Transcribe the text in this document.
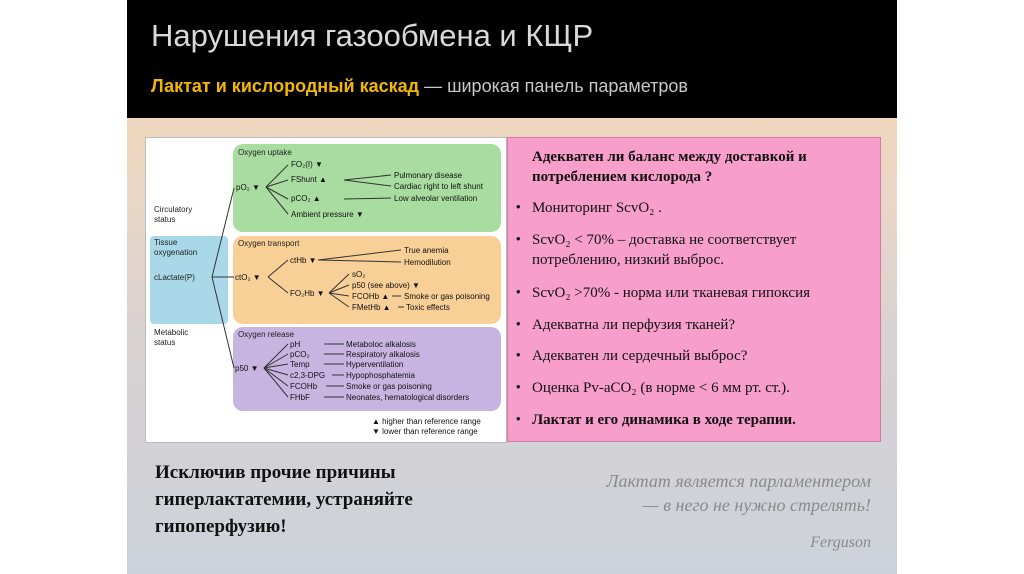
Нарушения газообмена и КЩР
Лактат и кислородный каскад — широкая панель параметров
Circulatory
status
Tissue
oxygenation
cLactate(P)
Metabolic
status
Oxygen uptake
pO₂ ▼
FO₂(I) ▼
FShunt ▲
pCO₂ ▲
Ambient pressure ▼
Pulmonary disease
Cardiac right to left shunt
Low alveolar ventilation
Oxygen transport
ctO₂ ▼
ctHb ▼
FO₂Hb ▼
True anemia
Hemodilution
sO₂
p50 (see above) ▼
FCOHb ▲
FMetHb ▲
Smoke or gas poisoning
Toxic effects
Oxygen release
p50 ▼
pH
pCO₂
Temp
c2,3-DPG
FCOHb
FHbF
Metaboloc alkalosis
Respiratory alkalosis
Hyperventilation
Hypophosphatemia
Smoke or gas poisoning
Neonates, hematological disorders
▲ higher than reference range
▼ lower than reference range
Адекватен ли баланс между доставкой и
потреблением кислорода ?
• Мониторинг ScvO₂ .
• ScvO₂ < 70% – доставка не соответствует
потреблению, низкий выброс.
• ScvO₂ >70% - норма или тканевая гипоксия
• Адекватна ли перфузия тканей?
• Адекватен ли сердечный выброс?
• Оценка Pv-aCO₂ (в норме < 6 мм рт. ст.).
• Лактат и его динамика в ходе терапии.
Исключив прочие причины
гиперлактатемии, устраняйте
гипоперфузию!
Лактат является парламентером
— в него не нужно стрелять!
Ferguson
